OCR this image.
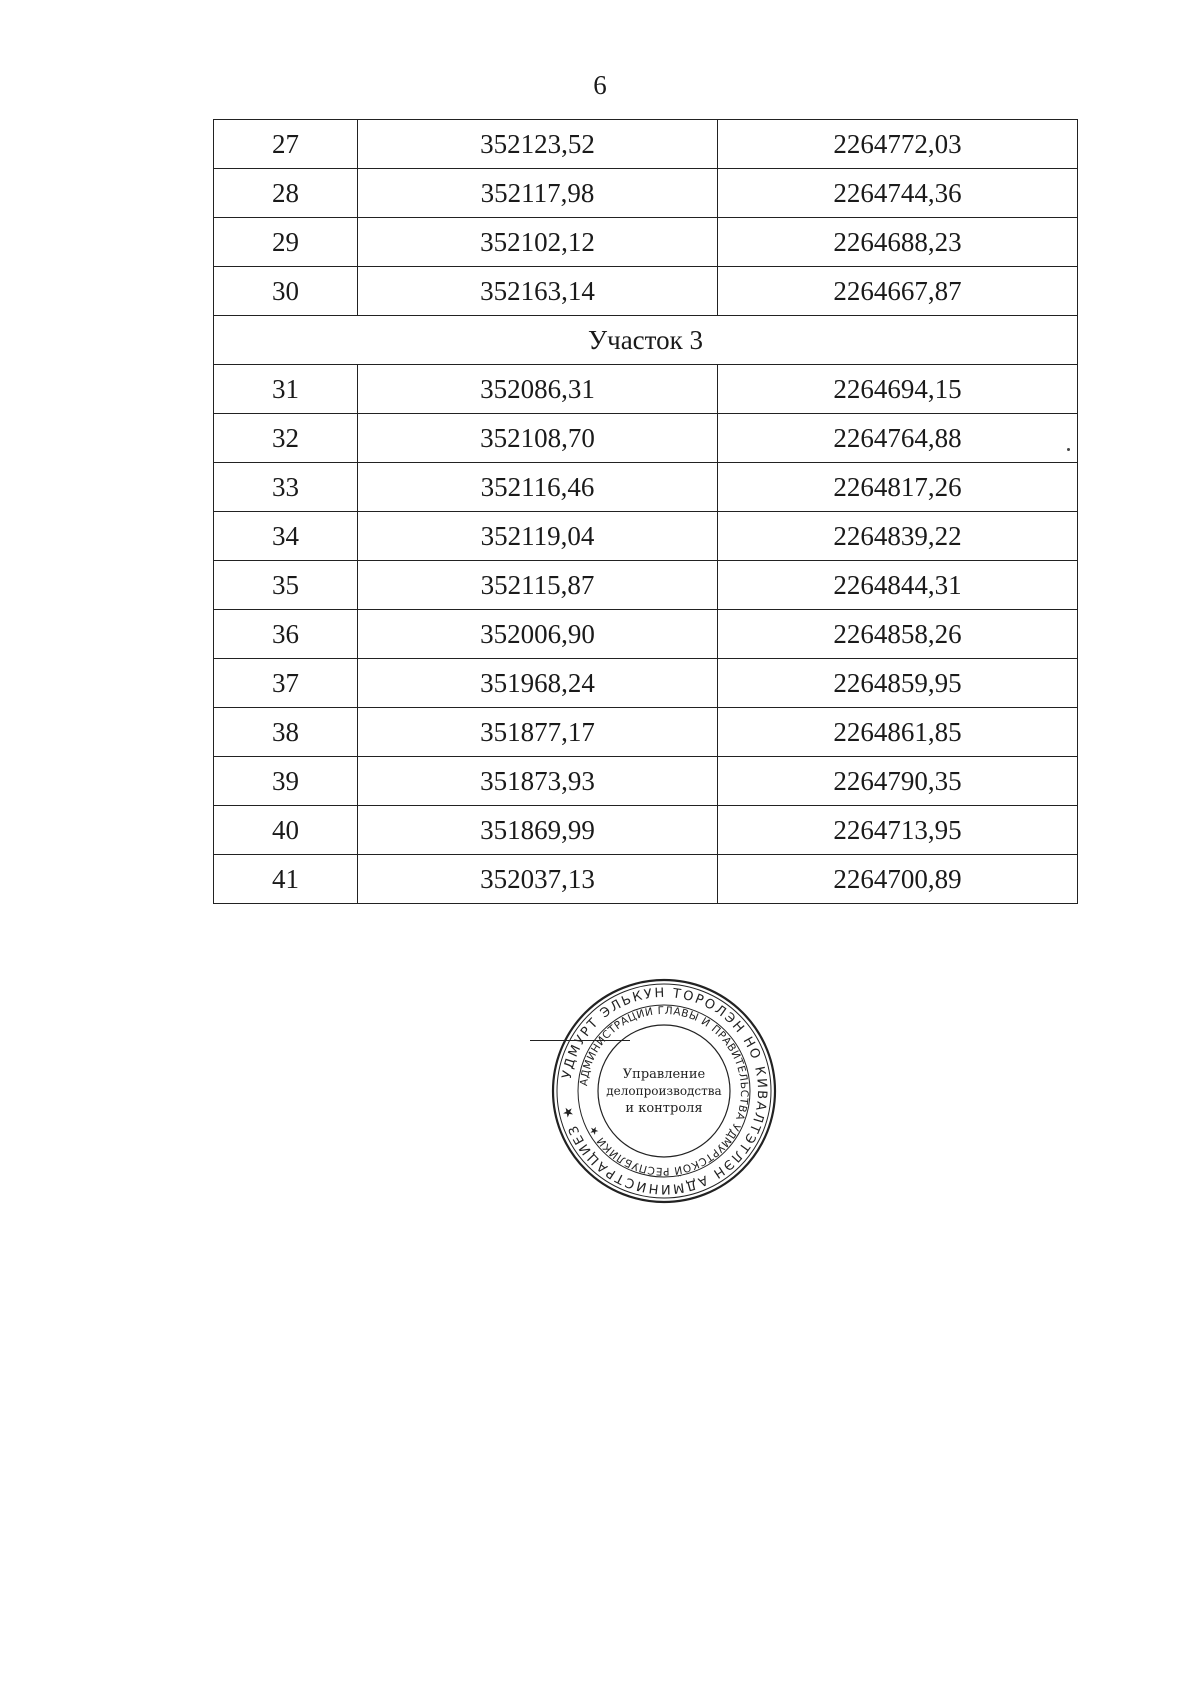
6
27	352123,52	2264772,03
28	352117,98	2264744,36
29	352102,12	2264688,23
30	352163,14	2264667,87
Участок 3		
31	352086,31	2264694,15
32	352108,70	2264764,88
33	352116,46	2264817,26
34	352119,04	2264839,22
35	352115,87	2264844,31
36	352006,90	2264858,26
37	351968,24	2264859,95
38	351877,17	2264861,85
39	351873,93	2264790,35
40	351869,99	2264713,95
41	352037,13	2264700,89
УДМУРТ ЭЛЬКУН ТОРОЛЭН НО КИВАЛТЭТЛЭН АДМИНИСТРАЦИЕЗ ★
АДМИНИСТРАЦИИ ГЛАВЫ И ПРАВИТЕЛЬСТВА УДМУРТСКОЙ РЕСПУБЛИКИ ★
Управление
делопроизводства
и контроля
